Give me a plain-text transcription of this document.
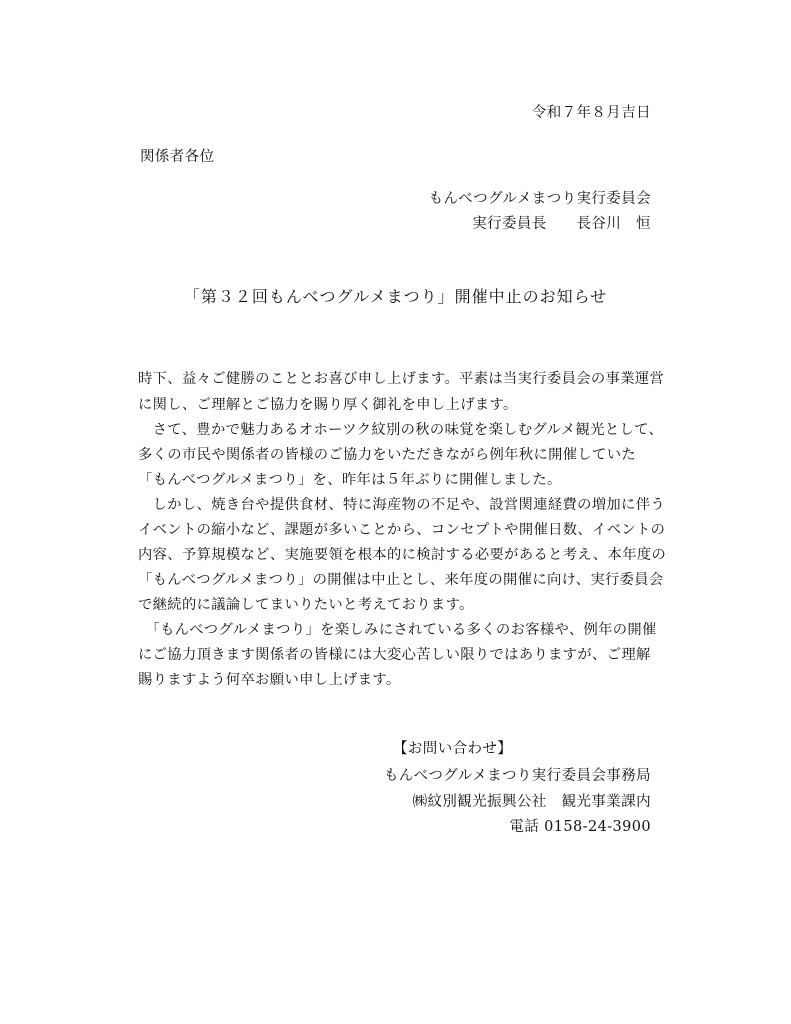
令和７年８月吉日
関係者各位
もんべつグルメまつり実行委員会
実行委員長　　長谷川　恒
「第３２回もんべつグルメまつり」開催中止のお知らせ
時下、益々ご健勝のこととお喜び申し上げます。平素は当実行委員会の事業運営
に関し、ご理解とご協力を賜り厚く御礼を申し上げます。
　さて、豊かで魅力あるオホーツク紋別の秋の味覚を楽しむグルメ観光として、
多くの市民や関係者の皆様のご協力をいただきながら例年秋に開催していた
「もんべつグルメまつり」を、昨年は５年ぶりに開催しました。
　しかし、焼き台や提供食材、特に海産物の不足や、設営関連経費の増加に伴う
イベントの縮小など、課題が多いことから、コンセプトや開催日数、イベントの
内容、予算規模など、実施要領を根本的に検討する必要があると考え、本年度の
「もんべつグルメまつり」の開催は中止とし、来年度の開催に向け、実行委員会
で継続的に議論してまいりたいと考えております。
　「もんべつグルメまつり」を楽しみにされている多くのお客様や、例年の開催
にご協力頂きます関係者の皆様には大変心苦しい限りではありますが、ご理解
賜りますよう何卒お願い申し上げます。
【お問い合わせ】
もんべつグルメまつり実行委員会事務局
㈱紋別観光振興公社　観光事業課内
電話 0158-24-3900
